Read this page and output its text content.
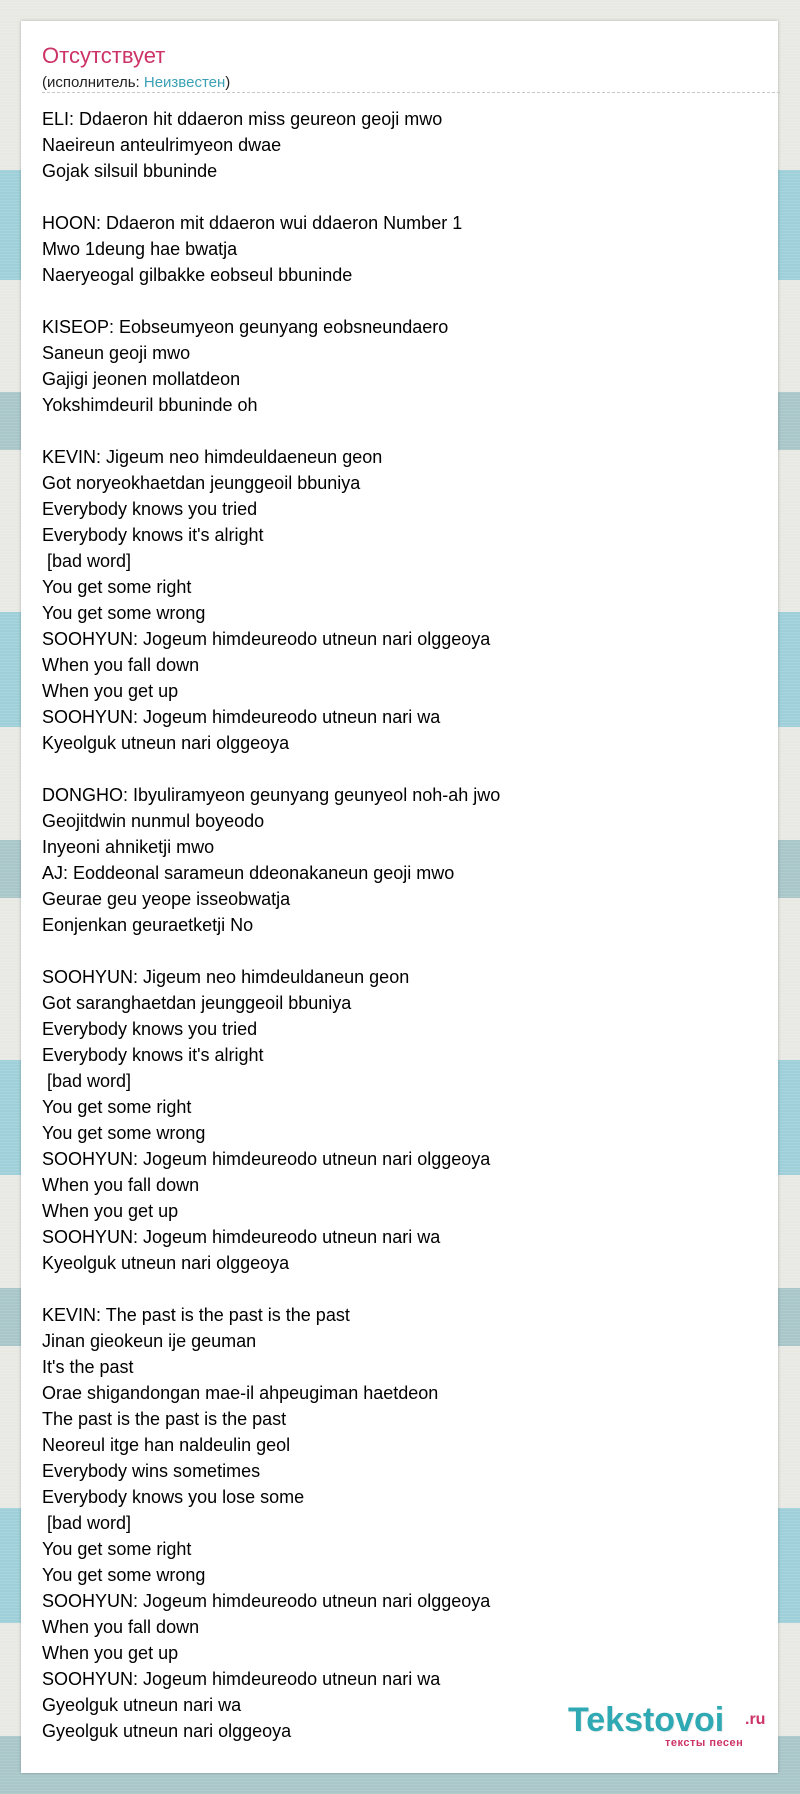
Отсутствует
(исполнитель: Неизвестен)
ELI: Ddaeron hit ddaeron miss geureon geoji mwo
Naeireun anteulrimyeon dwae
Gojak silsuil bbuninde
HOON: Ddaeron mit ddaeron wui ddaeron Number 1
Mwo 1deung hae bwatja
Naeryeogal gilbakke eobseul bbuninde
KISEOP: Eobseumyeon geunyang eobsneundaero
Saneun geoji mwo
Gajigi jeonen mollatdeon
Yokshimdeuril bbuninde oh
KEVIN: Jigeum neo himdeuldaeneun geon
Got noryeokhaetdan jeunggeoil bbuniya
Everybody knows you tried
Everybody knows it's alright
[bad word]
You get some right
You get some wrong
SOOHYUN: Jogeum himdeureodo utneun nari olggeoya
When you fall down
When you get up
SOOHYUN: Jogeum himdeureodo utneun nari wa
Kyeolguk utneun nari olggeoya
DONGHO: Ibyuliramyeon geunyang geunyeol noh-ah jwo
Geojitdwin nunmul boyeodo
Inyeoni ahniketji mwo
AJ: Eoddeonal sarameun ddeonakaneun geoji mwo
Geurae geu yeope isseobwatja
Eonjenkan geuraetketji No
SOOHYUN: Jigeum neo himdeuldaneun geon
Got saranghaetdan jeunggeoil bbuniya
Everybody knows you tried
Everybody knows it's alright
[bad word]
You get some right
You get some wrong
SOOHYUN: Jogeum himdeureodo utneun nari olggeoya
When you fall down
When you get up
SOOHYUN: Jogeum himdeureodo utneun nari wa
Kyeolguk utneun nari olggeoya
KEVIN: The past is the past is the past
Jinan gieokeun ije geuman
It's the past
Orae shigandongan mae-il ahpeugiman haetdeon
The past is the past is the past
Neoreul itge han naldeulin geol
Everybody wins sometimes
Everybody knows you lose some
[bad word]
You get some right
You get some wrong
SOOHYUN: Jogeum himdeureodo utneun nari olggeoya
When you fall down
When you get up
SOOHYUN: Jogeum himdeureodo utneun nari wa
Gyeolguk utneun nari wa
Gyeolguk utneun nari olggeoya	Tekstovoi .ru
тексты песен
